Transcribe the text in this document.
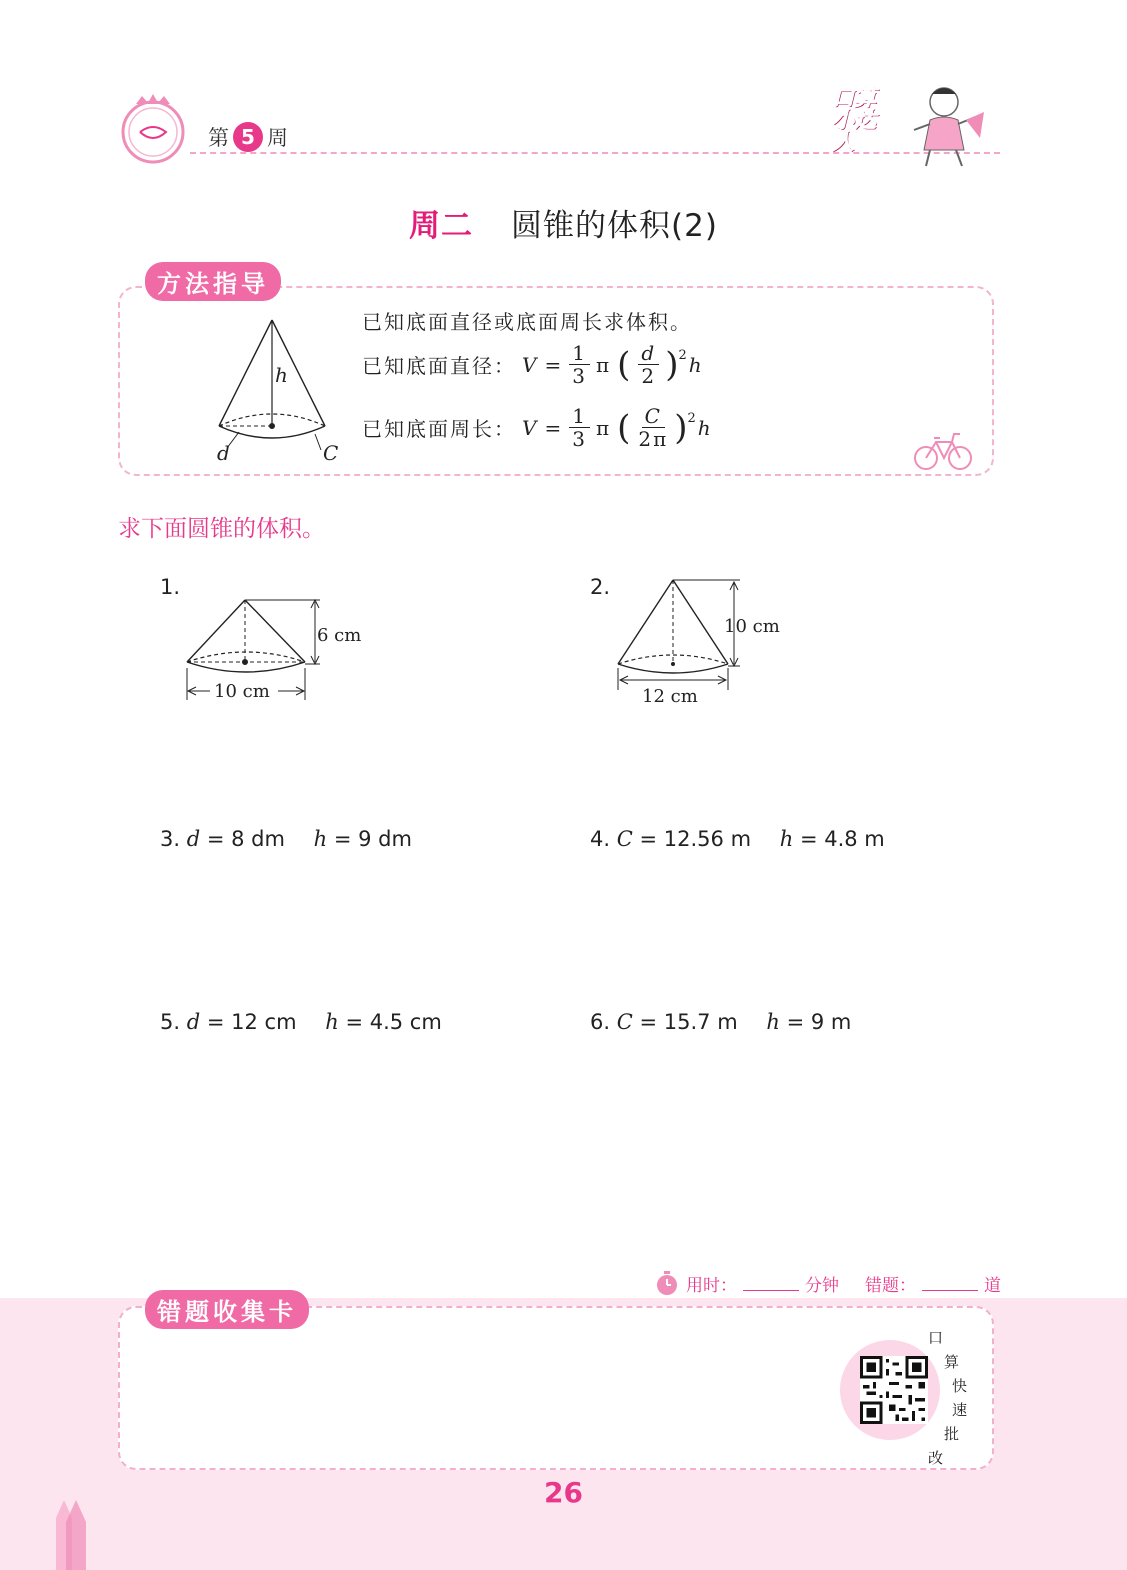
第 5 周
口算
小达人
周二 圆锥的体积(2)
方法指导
h
d	C
已知底面直径或底面周长求体积。
已知底面直径： $V = \frac{1}{3}$ π ( $\frac{d}{2}$ )
2 h
已知底面周长： $V = \frac{1}{3}$ π ( $\frac{C}{2\pi}$ )
2 h
求下面圆锥的体积。
1.
6 cm
10 cm
2.
10 cm
12 cm
3. d = 8 dm h = 9 dm	4. C = 12.56 m h = 4.8 m
5. d = 12 cm h = 4.5 cm	6. C = 15.7 m h = 9 m
用时：	分钟 错题：	道
错题收集卡
口
算
快
速
批
改
26
